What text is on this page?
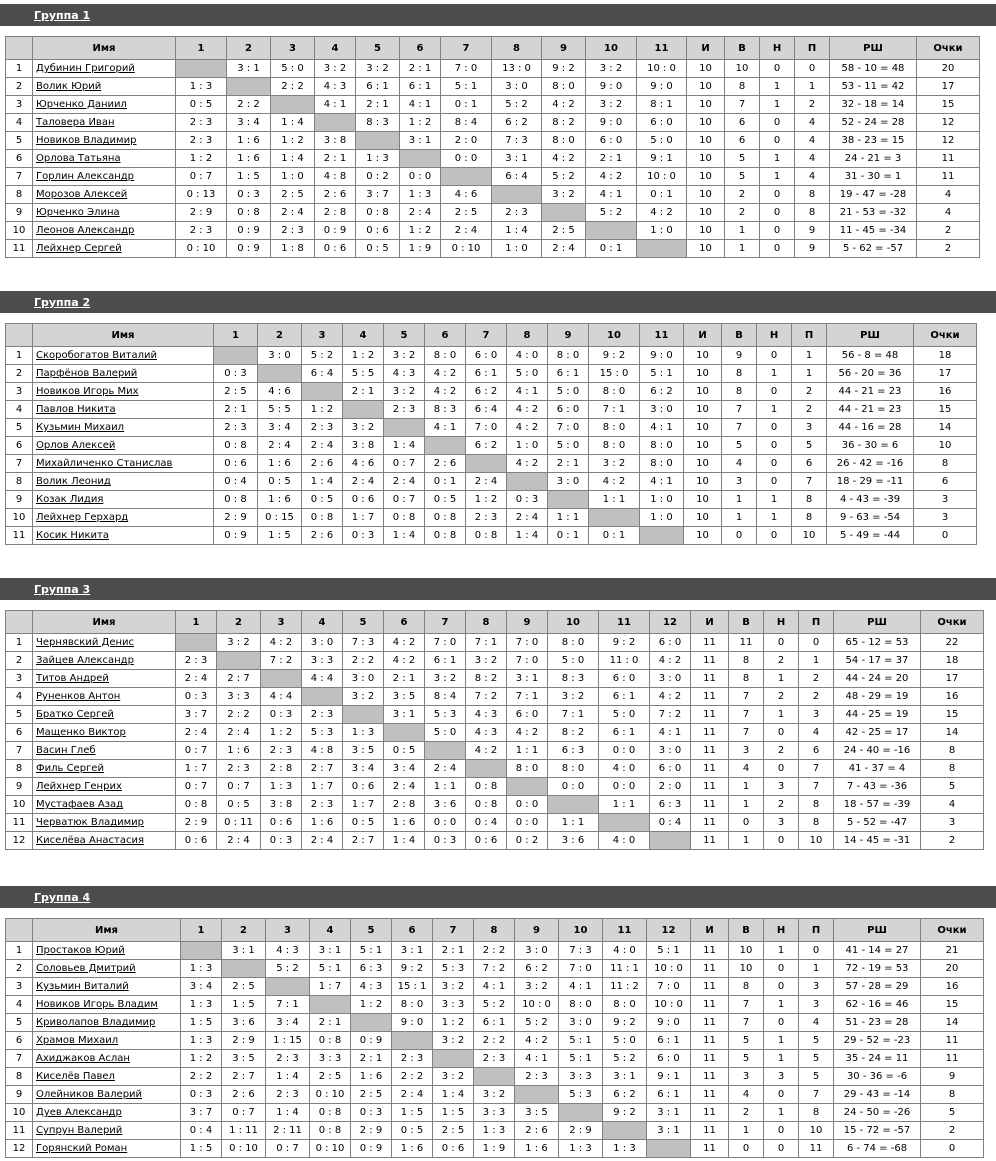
Группа 1
	Имя	1	2	3	4	5	6	7	8	9	10	11	И	В	Н	П	РШ	Очки
1	Дубинин Григорий		3 : 1	5 : 0	3 : 2	3 : 2	2 : 1	7 : 0	13 : 0	9 : 2	3 : 2	10 : 0	10	10	0	0	58 - 10 = 48	20
2	Волик Юрий	1 : 3		2 : 2	4 : 3	6 : 1	6 : 1	5 : 1	3 : 0	8 : 0	9 : 0	9 : 0	10	8	1	1	53 - 11 = 42	17
3	Юрченко Даниил	0 : 5	2 : 2		4 : 1	2 : 1	4 : 1	0 : 1	5 : 2	4 : 2	3 : 2	8 : 1	10	7	1	2	32 - 18 = 14	15
4	Таловера Иван	2 : 3	3 : 4	1 : 4		8 : 3	1 : 2	8 : 4	6 : 2	8 : 2	9 : 0	6 : 0	10	6	0	4	52 - 24 = 28	12
5	Новиков Владимир	2 : 3	1 : 6	1 : 2	3 : 8		3 : 1	2 : 0	7 : 3	8 : 0	6 : 0	5 : 0	10	6	0	4	38 - 23 = 15	12
6	Орлова Татьяна	1 : 2	1 : 6	1 : 4	2 : 1	1 : 3		0 : 0	3 : 1	4 : 2	2 : 1	9 : 1	10	5	1	4	24 - 21 = 3	11
7	Горлин Александр	0 : 7	1 : 5	1 : 0	4 : 8	0 : 2	0 : 0		6 : 4	5 : 2	4 : 2	10 : 0	10	5	1	4	31 - 30 = 1	11
8	Морозов Алексей	0 : 13	0 : 3	2 : 5	2 : 6	3 : 7	1 : 3	4 : 6		3 : 2	4 : 1	0 : 1	10	2	0	8	19 - 47 = -28	4
9	Юрченко Элина	2 : 9	0 : 8	2 : 4	2 : 8	0 : 8	2 : 4	2 : 5	2 : 3		5 : 2	4 : 2	10	2	0	8	21 - 53 = -32	4
10	Леонов Александр	2 : 3	0 : 9	2 : 3	0 : 9	0 : 6	1 : 2	2 : 4	1 : 4	2 : 5		1 : 0	10	1	0	9	11 - 45 = -34	2
11	Лейхнер Сергей	0 : 10	0 : 9	1 : 8	0 : 6	0 : 5	1 : 9	0 : 10	1 : 0	2 : 4	0 : 1		10	1	0	9	5 - 62 = -57	2
Группа 2
	Имя	1	2	3	4	5	6	7	8	9	10	11	И	В	Н	П	РШ	Очки
1	Скоробогатов Виталий		3 : 0	5 : 2	1 : 2	3 : 2	8 : 0	6 : 0	4 : 0	8 : 0	9 : 2	9 : 0	10	9	0	1	56 - 8 = 48	18
2	Парфёнов Валерий	0 : 3		6 : 4	5 : 5	4 : 3	4 : 2	6 : 1	5 : 0	6 : 1	15 : 0	5 : 1	10	8	1	1	56 - 20 = 36	17
3	Новиков Игорь Мих	2 : 5	4 : 6		2 : 1	3 : 2	4 : 2	6 : 2	4 : 1	5 : 0	8 : 0	6 : 2	10	8	0	2	44 - 21 = 23	16
4	Павлов Никита	2 : 1	5 : 5	1 : 2		2 : 3	8 : 3	6 : 4	4 : 2	6 : 0	7 : 1	3 : 0	10	7	1	2	44 - 21 = 23	15
5	Кузьмин Михаил	2 : 3	3 : 4	2 : 3	3 : 2		4 : 1	7 : 0	4 : 2	7 : 0	8 : 0	4 : 1	10	7	0	3	44 - 16 = 28	14
6	Орлов Алексей	0 : 8	2 : 4	2 : 4	3 : 8	1 : 4		6 : 2	1 : 0	5 : 0	8 : 0	8 : 0	10	5	0	5	36 - 30 = 6	10
7	Михайличенко Станислав	0 : 6	1 : 6	2 : 6	4 : 6	0 : 7	2 : 6		4 : 2	2 : 1	3 : 2	8 : 0	10	4	0	6	26 - 42 = -16	8
8	Волик Леонид	0 : 4	0 : 5	1 : 4	2 : 4	2 : 4	0 : 1	2 : 4		3 : 0	4 : 2	4 : 1	10	3	0	7	18 - 29 = -11	6
9	Козак Лидия	0 : 8	1 : 6	0 : 5	0 : 6	0 : 7	0 : 5	1 : 2	0 : 3		1 : 1	1 : 0	10	1	1	8	4 - 43 = -39	3
10	Лейхнер Герхард	2 : 9	0 : 15	0 : 8	1 : 7	0 : 8	0 : 8	2 : 3	2 : 4	1 : 1		1 : 0	10	1	1	8	9 - 63 = -54	3
11	Косик Никита	0 : 9	1 : 5	2 : 6	0 : 3	1 : 4	0 : 8	0 : 8	1 : 4	0 : 1	0 : 1		10	0	0	10	5 - 49 = -44	0
Группа 3
	Имя	1	2	3	4	5	6	7	8	9	10	11	12	И	В	Н	П	РШ	Очки
1	Чернявский Денис		3 : 2	4 : 2	3 : 0	7 : 3	4 : 2	7 : 0	7 : 1	7 : 0	8 : 0	9 : 2	6 : 0	11	11	0	0	65 - 12 = 53	22
2	Зайцев Александр	2 : 3		7 : 2	3 : 3	2 : 2	4 : 2	6 : 1	3 : 2	7 : 0	5 : 0	11 : 0	4 : 2	11	8	2	1	54 - 17 = 37	18
3	Титов Андрей	2 : 4	2 : 7		4 : 4	3 : 0	2 : 1	3 : 2	8 : 2	3 : 1	8 : 3	6 : 0	3 : 0	11	8	1	2	44 - 24 = 20	17
4	Руненков Антон	0 : 3	3 : 3	4 : 4		3 : 2	3 : 5	8 : 4	7 : 2	7 : 1	3 : 2	6 : 1	4 : 2	11	7	2	2	48 - 29 = 19	16
5	Братко Сергей	3 : 7	2 : 2	0 : 3	2 : 3		3 : 1	5 : 3	4 : 3	6 : 0	7 : 1	5 : 0	7 : 2	11	7	1	3	44 - 25 = 19	15
6	Мащенко Виктор	2 : 4	2 : 4	1 : 2	5 : 3	1 : 3		5 : 0	4 : 3	4 : 2	8 : 2	6 : 1	4 : 1	11	7	0	4	42 - 25 = 17	14
7	Васин Глеб	0 : 7	1 : 6	2 : 3	4 : 8	3 : 5	0 : 5		4 : 2	1 : 1	6 : 3	0 : 0	3 : 0	11	3	2	6	24 - 40 = -16	8
8	Филь Сергей	1 : 7	2 : 3	2 : 8	2 : 7	3 : 4	3 : 4	2 : 4		8 : 0	8 : 0	4 : 0	6 : 0	11	4	0	7	41 - 37 = 4	8
9	Лейхнер Генрих	0 : 7	0 : 7	1 : 3	1 : 7	0 : 6	2 : 4	1 : 1	0 : 8		0 : 0	0 : 0	2 : 0	11	1	3	7	7 - 43 = -36	5
10	Мустафаев Азад	0 : 8	0 : 5	3 : 8	2 : 3	1 : 7	2 : 8	3 : 6	0 : 8	0 : 0		1 : 1	6 : 3	11	1	2	8	18 - 57 = -39	4
11	Черватюк Владимир	2 : 9	0 : 11	0 : 6	1 : 6	0 : 5	1 : 6	0 : 0	0 : 4	0 : 0	1 : 1		0 : 4	11	0	3	8	5 - 52 = -47	3
12	Киселёва Анастасия	0 : 6	2 : 4	0 : 3	2 : 4	2 : 7	1 : 4	0 : 3	0 : 6	0 : 2	3 : 6	4 : 0		11	1	0	10	14 - 45 = -31	2
Группа 4
	Имя	1	2	3	4	5	6	7	8	9	10	11	12	И	В	Н	П	РШ	Очки
1	Простаков Юрий		3 : 1	4 : 3	3 : 1	5 : 1	3 : 1	2 : 1	2 : 2	3 : 0	7 : 3	4 : 0	5 : 1	11	10	1	0	41 - 14 = 27	21
2	Соловьев Дмитрий	1 : 3		5 : 2	5 : 1	6 : 3	9 : 2	5 : 3	7 : 2	6 : 2	7 : 0	11 : 1	10 : 0	11	10	0	1	72 - 19 = 53	20
3	Кузьмин Виталий	3 : 4	2 : 5		1 : 7	4 : 3	15 : 1	3 : 2	4 : 1	3 : 2	4 : 1	11 : 2	7 : 0	11	8	0	3	57 - 28 = 29	16
4	Новиков Игорь Владим	1 : 3	1 : 5	7 : 1		1 : 2	8 : 0	3 : 3	5 : 2	10 : 0	8 : 0	8 : 0	10 : 0	11	7	1	3	62 - 16 = 46	15
5	Криволапов Владимир	1 : 5	3 : 6	3 : 4	2 : 1		9 : 0	1 : 2	6 : 1	5 : 2	3 : 0	9 : 2	9 : 0	11	7	0	4	51 - 23 = 28	14
6	Храмов Михаил	1 : 3	2 : 9	1 : 15	0 : 8	0 : 9		3 : 2	2 : 2	4 : 2	5 : 1	5 : 0	6 : 1	11	5	1	5	29 - 52 = -23	11
7	Ахиджаков Аслан	1 : 2	3 : 5	2 : 3	3 : 3	2 : 1	2 : 3		2 : 3	4 : 1	5 : 1	5 : 2	6 : 0	11	5	1	5	35 - 24 = 11	11
8	Киселёв Павел	2 : 2	2 : 7	1 : 4	2 : 5	1 : 6	2 : 2	3 : 2		2 : 3	3 : 3	3 : 1	9 : 1	11	3	3	5	30 - 36 = -6	9
9	Олейников Валерий	0 : 3	2 : 6	2 : 3	0 : 10	2 : 5	2 : 4	1 : 4	3 : 2		5 : 3	6 : 2	6 : 1	11	4	0	7	29 - 43 = -14	8
10	Дуев Александр	3 : 7	0 : 7	1 : 4	0 : 8	0 : 3	1 : 5	1 : 5	3 : 3	3 : 5		9 : 2	3 : 1	11	2	1	8	24 - 50 = -26	5
11	Супрун Валерий	0 : 4	1 : 11	2 : 11	0 : 8	2 : 9	0 : 5	2 : 5	1 : 3	2 : 6	2 : 9		3 : 1	11	1	0	10	15 - 72 = -57	2
12	Горянский Роман	1 : 5	0 : 10	0 : 7	0 : 10	0 : 9	1 : 6	0 : 6	1 : 9	1 : 6	1 : 3	1 : 3		11	0	0	11	6 - 74 = -68	0
